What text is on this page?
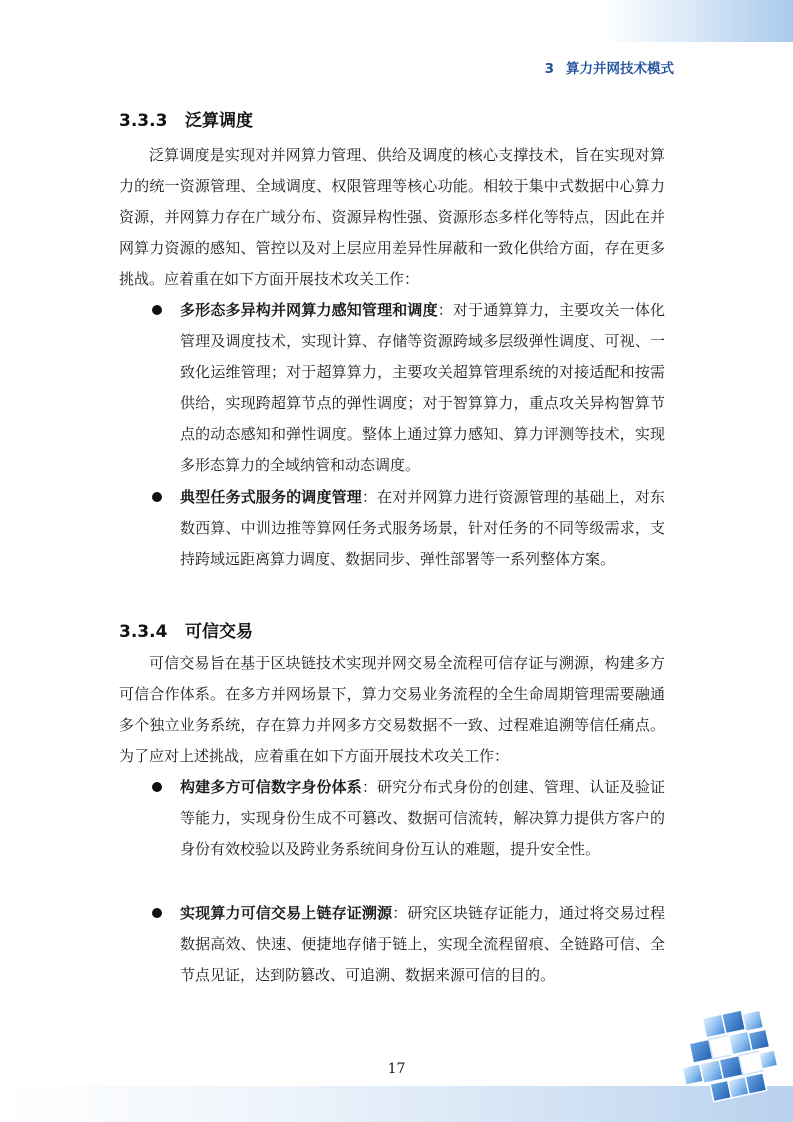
3 算力并网技术模式
3.3.3 泛算调度

泛算调度是实现对并网算力管理、供给及调度的核心支撑技术，旨在实现对算力的统一资源管理、全域调度、权限管理等核心功能。相较于集中式数据中心算力资源，并网算力存在广域分布、资源异构性强、资源形态多样化等特点，因此在并网算力资源的感知、管控以及对上层应用差异性屏蔽和一致化供给方面，存在更多挑战。应着重在如下方面开展技术攻关工作：

多形态多异构并网算力感知管理和调度：对于通算算力，主要攻关一体化管理及调度技术，实现计算、存储等资源跨域多层级弹性调度、可视、一致化运维管理；对于超算算力，主要攻关超算管理系统的对接适配和按需供给，实现跨超算节点的弹性调度；对于智算算力，重点攻关异构智算节点的动态感知和弹性调度。整体上通过算力感知、算力评测等技术，实现多形态算力的全域纳管和动态调度。
典型任务式服务的调度管理：在对并网算力进行资源管理的基础上，对东数西算、中训边推等算网任务式服务场景，针对任务的不同等级需求，支持跨域远距离算力调度、数据同步、弹性部署等一系列整体方案。
3.3.4 可信交易

可信交易旨在基于区块链技术实现并网交易全流程可信存证与溯源，构建多方可信合作体系。在多方并网场景下，算力交易业务流程的全生命周期管理需要融通多个独立业务系统，存在算力并网多方交易数据不一致、过程难追溯等信任痛点。为了应对上述挑战，应着重在如下方面开展技术攻关工作：

构建多方可信数字身份体系：研究分布式身份的创建、管理、认证及验证等能力，实现身份生成不可篡改、数据可信流转，解决算力提供方客户的身份有效校验以及跨业务系统间身份互认的难题，提升安全性。
实现算力可信交易上链存证溯源：研究区块链存证能力，通过将交易过程数据高效、快速、便捷地存储于链上，实现全流程留痕、全链路可信、全节点见证，达到防篡改、可追溯、数据来源可信的目的。
17
